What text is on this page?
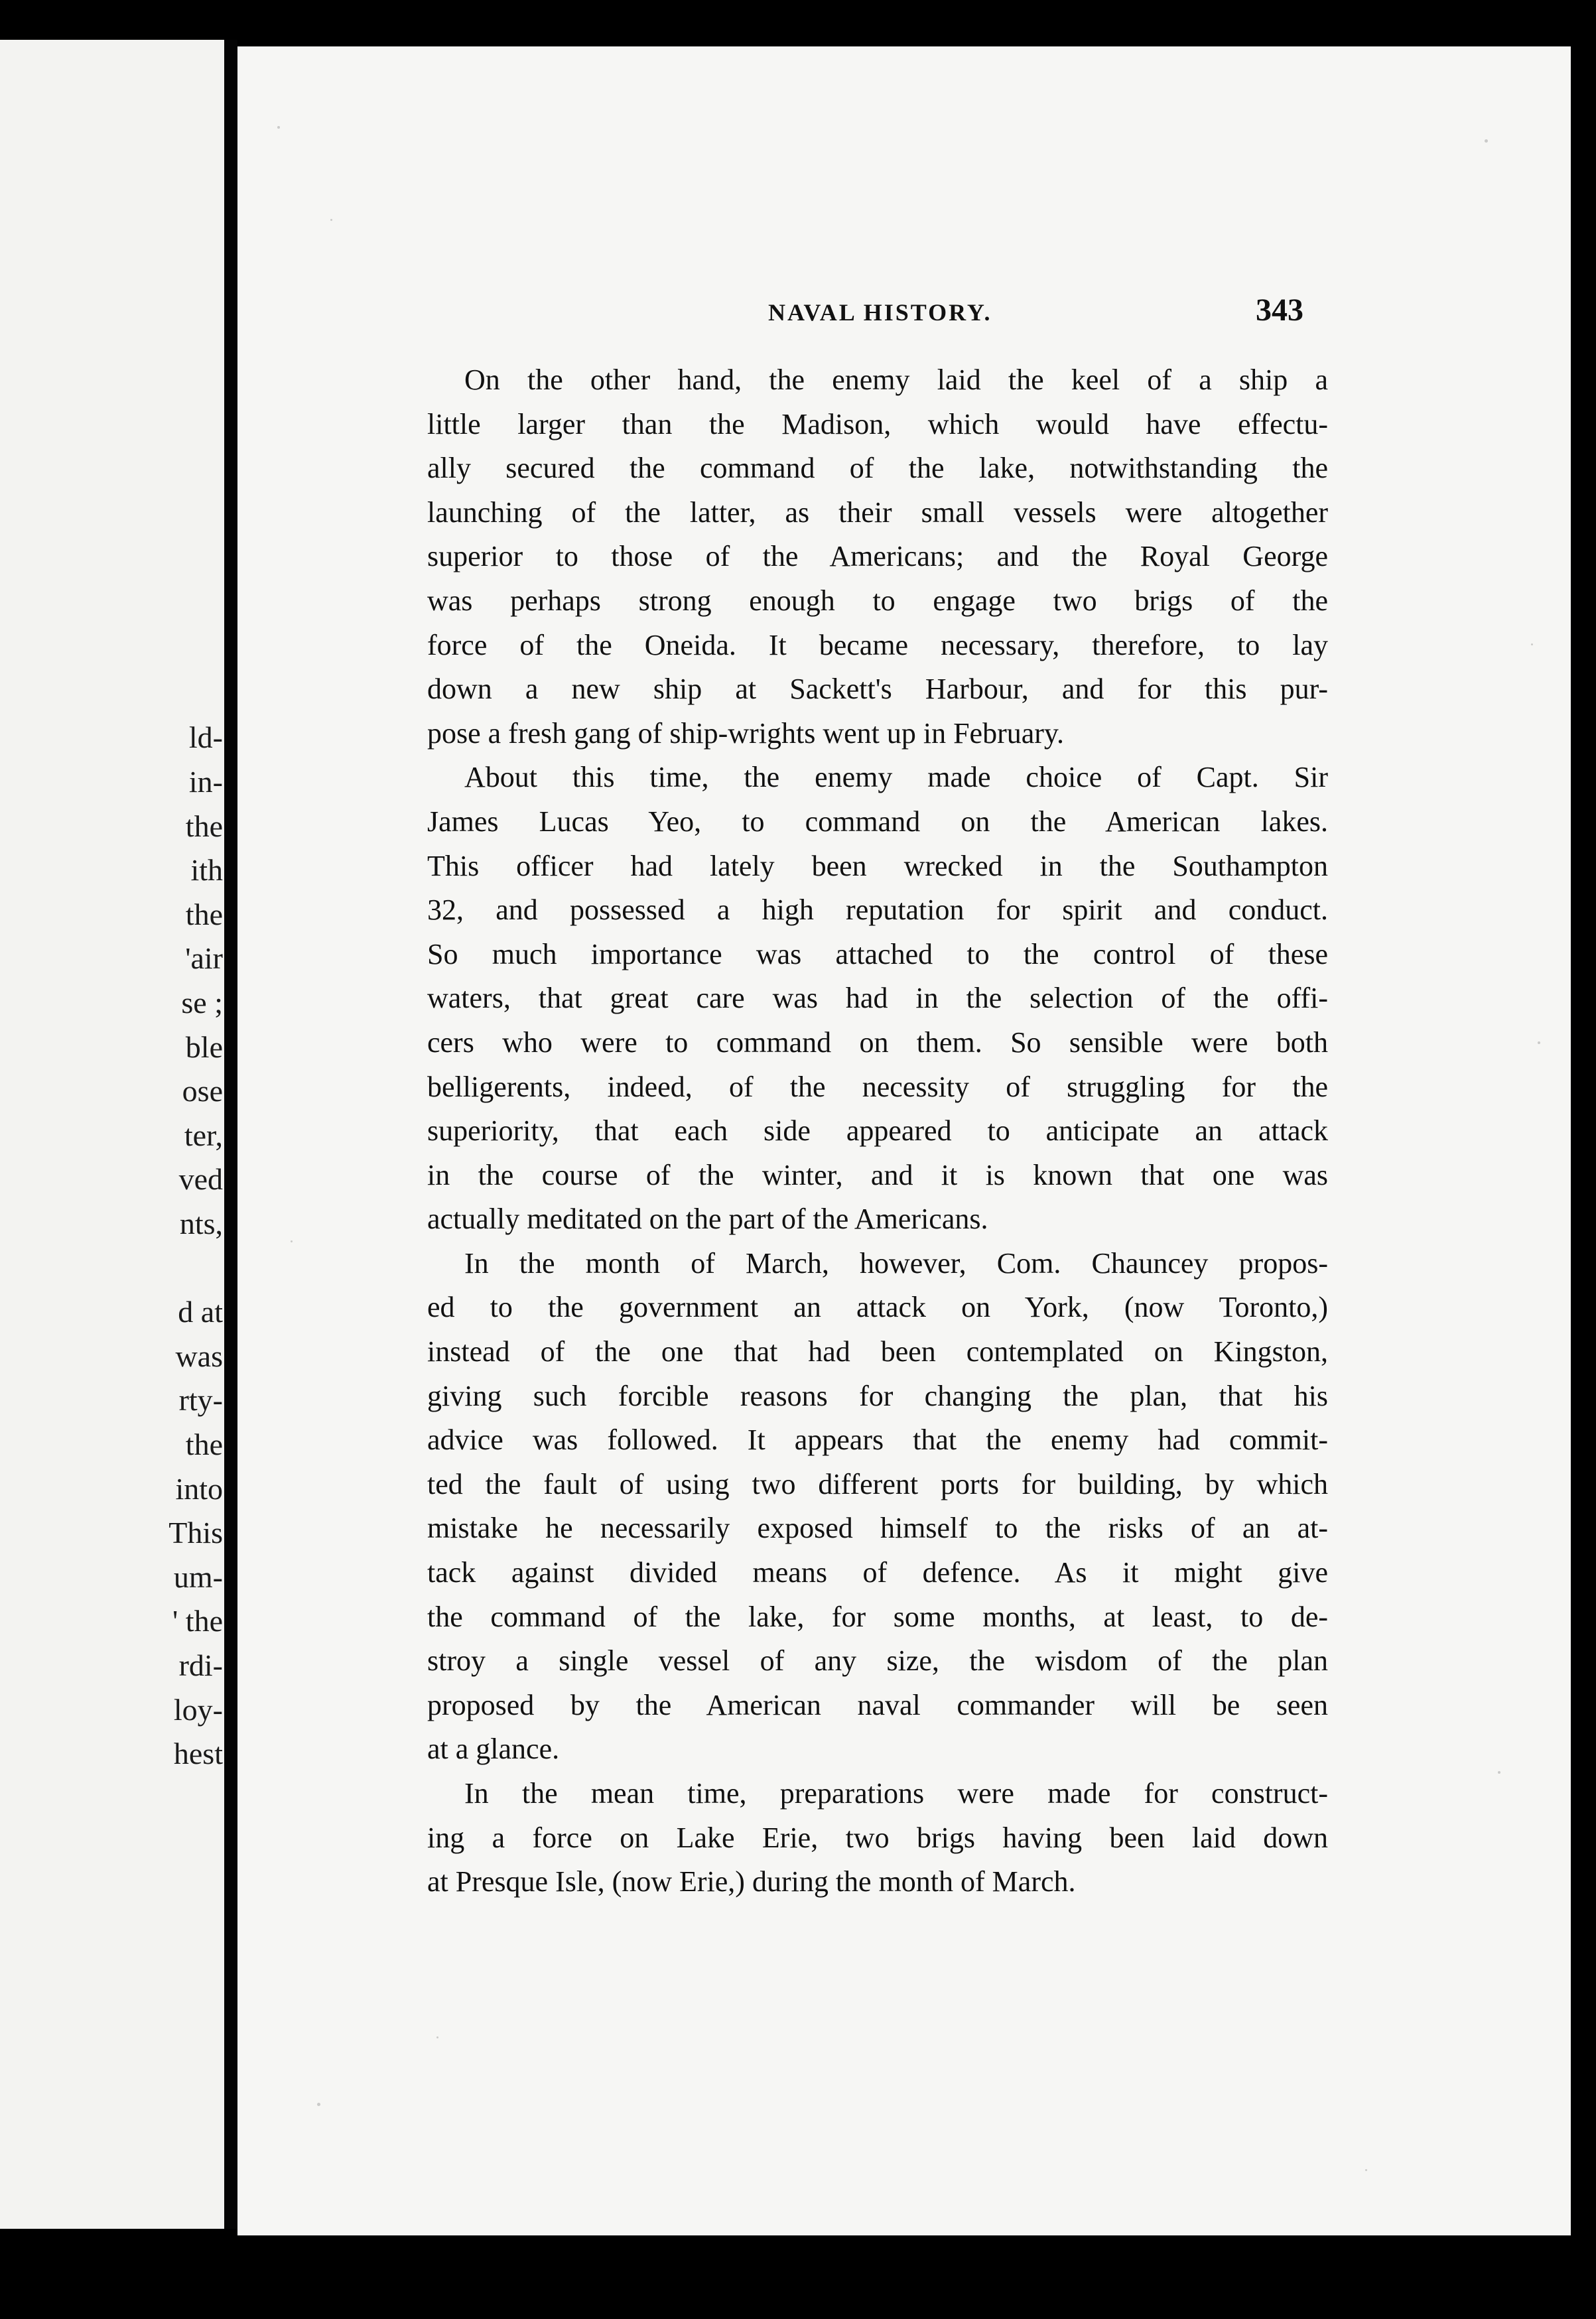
ld-
in-
the
ith
the
'air
se ;
ble
ose
ter,
ved
nts,
d at
was
rty-
the
into
This
um-
' the
rdi-
loy-
hest
NAVAL HISTORY.	343
On the other hand, the enemy laid the keel of a ship a
little larger than the Madison, which would have effectu-
ally secured the command of the lake, notwithstanding the
launching of the latter, as their small vessels were altogether
superior to those of the Americans; and the Royal George
was perhaps strong enough to engage two brigs of the
force of the Oneida. It became necessary, therefore, to lay
down a new ship at Sackett's Harbour, and for this pur-
pose a fresh gang of ship-wrights went up in February.
About this time, the enemy made choice of Capt. Sir
James Lucas Yeo, to command on the American lakes.
This officer had lately been wrecked in the Southampton
32, and possessed a high reputation for spirit and conduct.
So much importance was attached to the control of these
waters, that great care was had in the selection of the offi-
cers who were to command on them. So sensible were both
belligerents, indeed, of the necessity of struggling for the
superiority, that each side appeared to anticipate an attack
in the course of the winter, and it is known that one was
actually meditated on the part of the Americans.
In the month of March, however, Com. Chauncey propos-
ed to the government an attack on York, (now Toronto,)
instead of the one that had been contemplated on Kingston,
giving such forcible reasons for changing the plan, that his
advice was followed. It appears that the enemy had commit-
ted the fault of using two different ports for building, by which
mistake he necessarily exposed himself to the risks of an at-
tack against divided means of defence. As it might give
the command of the lake, for some months, at least, to de-
stroy a single vessel of any size, the wisdom of the plan
proposed by the American naval commander will be seen
at a glance.
In the mean time, preparations were made for construct-
ing a force on Lake Erie, two brigs having been laid down
at Presque Isle, (now Erie,) during the month of March.
